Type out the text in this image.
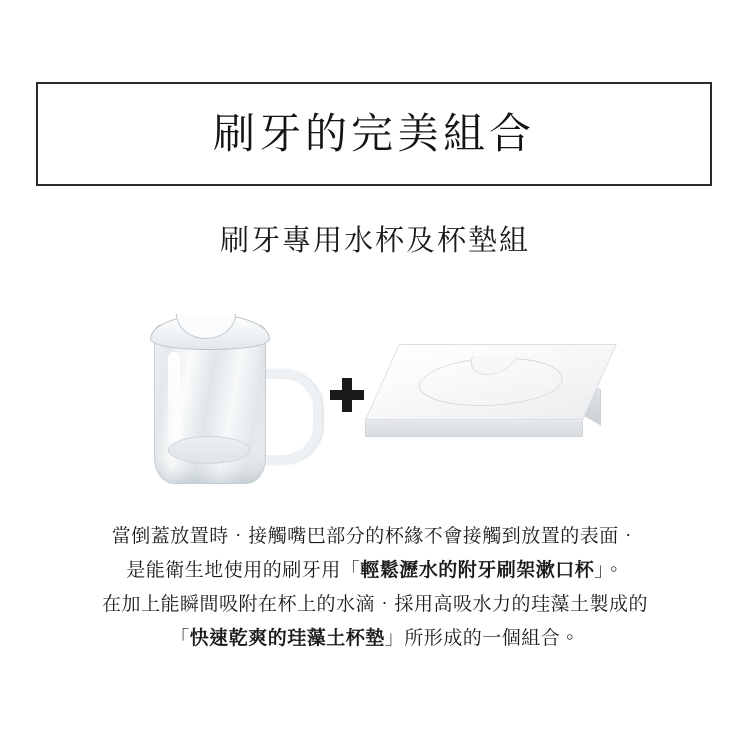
刷牙的完美組合
刷牙專用水杯及杯墊組
當倒蓋放置時．接觸嘴巴部分的杯緣不會接觸到放置的表面．
是能衛生地使用的刷牙用「輕鬆瀝水的附牙刷架漱口杯」。
在加上能瞬間吸附在杯上的水滴．採用高吸水力的珪藻土製成的
「快速乾爽的珪藻土杯墊」所形成的一個組合。
